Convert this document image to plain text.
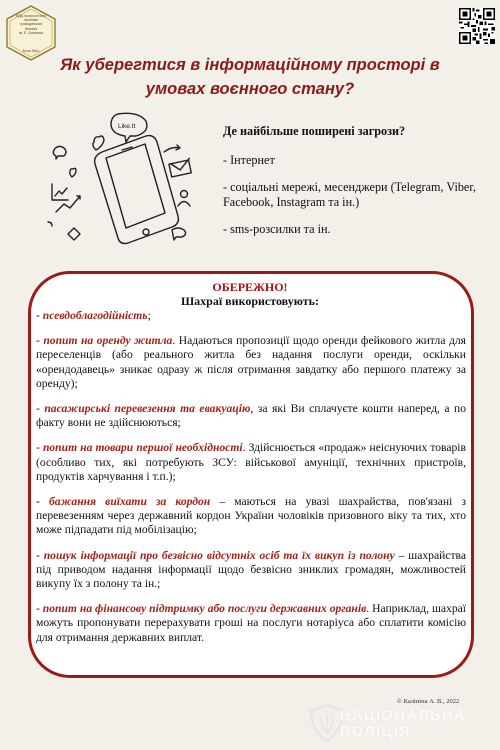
НДЦ психологічних
проблем
громадянської
безпеки
ім. Е. Скаленка
bona fides
Як уберегтися в інформаційному просторі в
умовах воєнного стану?
Like.tt	Де найбільше поширені загрози?
- Інтернет
- соціальні мережі, месенджери (Telegram, Viber, Facebook, Instagram та ін.)
- sms-розсилки та ін.
ОБЕРЕЖНО!
Шахраї використовують:

- псевдоблагодійність;

- попит на оренду житла. Надаються пропозиції щодо оренди фейкового житла для переселенців (або реального житла без надання послуги оренди, оскільки «орендодавець» зникає одразу ж після отримання завдатку або першого платежу за оренду);

- пасажирські перевезення та евакуацію, за які Ви сплачуєте кошти наперед, а по факту вони не здійснюються;

- попит на товари першої необхідності. Здійснюється «продаж» неіснуючих товарів (особливо тих, які потребують ЗСУ: військової амуніції, технічних пристроїв, продуктів харчування і т.п.);

- бажання виїхати за кордон – маються на увазі шахрайства, пов'язані з перевезенням через державний кордон України чоловіків призовного віку та тих, хто може підпадати під мобілізацію;

- пошук інформації про безвісно відсутніх осіб та їх викуп із полону – шахрайства під приводом надання інформації щодо безвісно зниклих громадян, можливостей викупу їх з полону та ін.;

- попит на фінансову підтримку або послуги державних органів. Наприклад, шахраї можуть пропонувати перерахувати гроші на послуги нотаріуса або сплатити комісію для отримання державних виплат.

© Калініна А. В., 2022
НАЦІОНАЛЬНА
ПОЛІЦІЯ
